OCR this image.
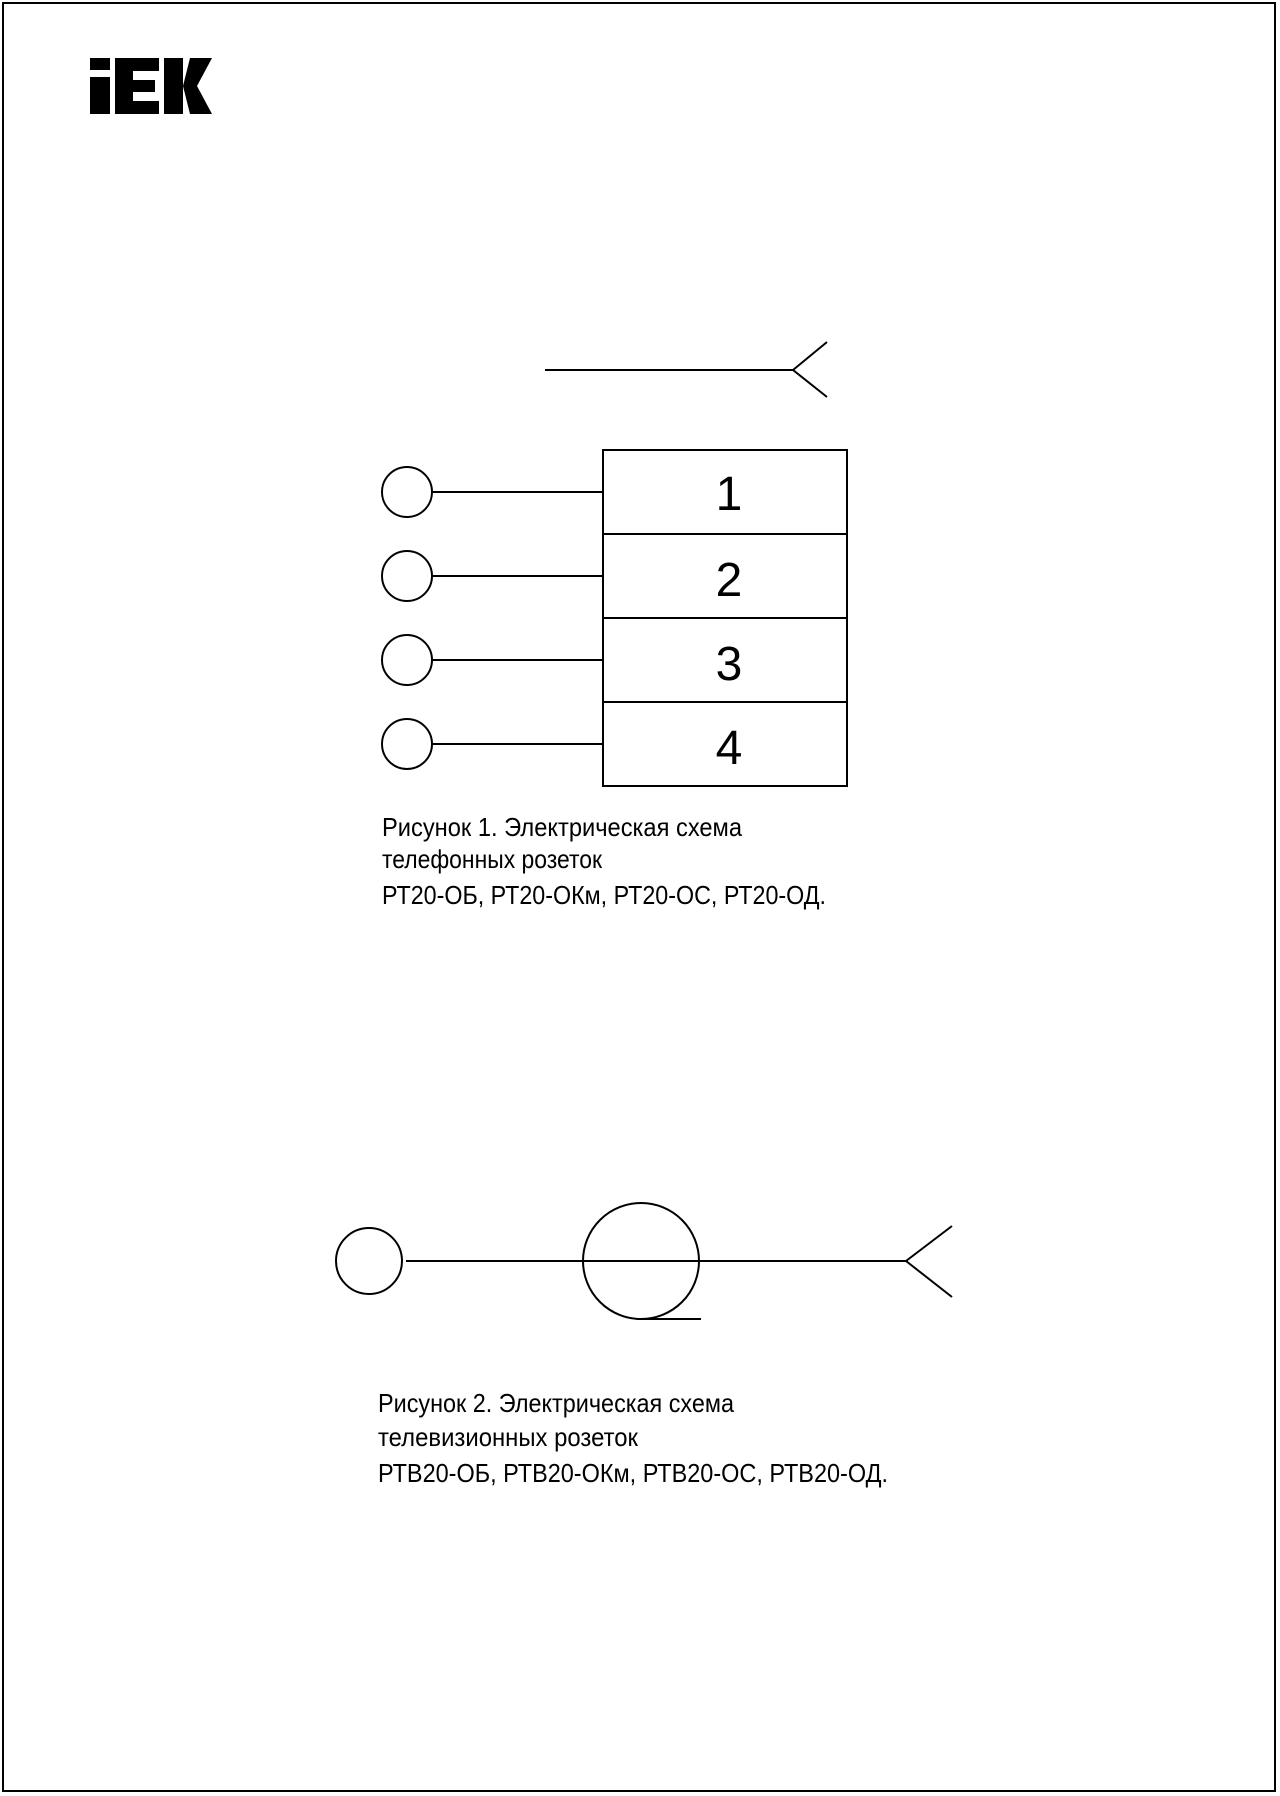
1
2
3
4
Рисунок 1. Электрическая схема
телефонных розеток
РТ20-ОБ, РТ20-ОКм, РТ20-ОС, РТ20-ОД.
Рисунок 2. Электрическая схема
телевизионных розеток
РТВ20-ОБ, РТВ20-ОКм, РТВ20-ОС, РТВ20-ОД.
